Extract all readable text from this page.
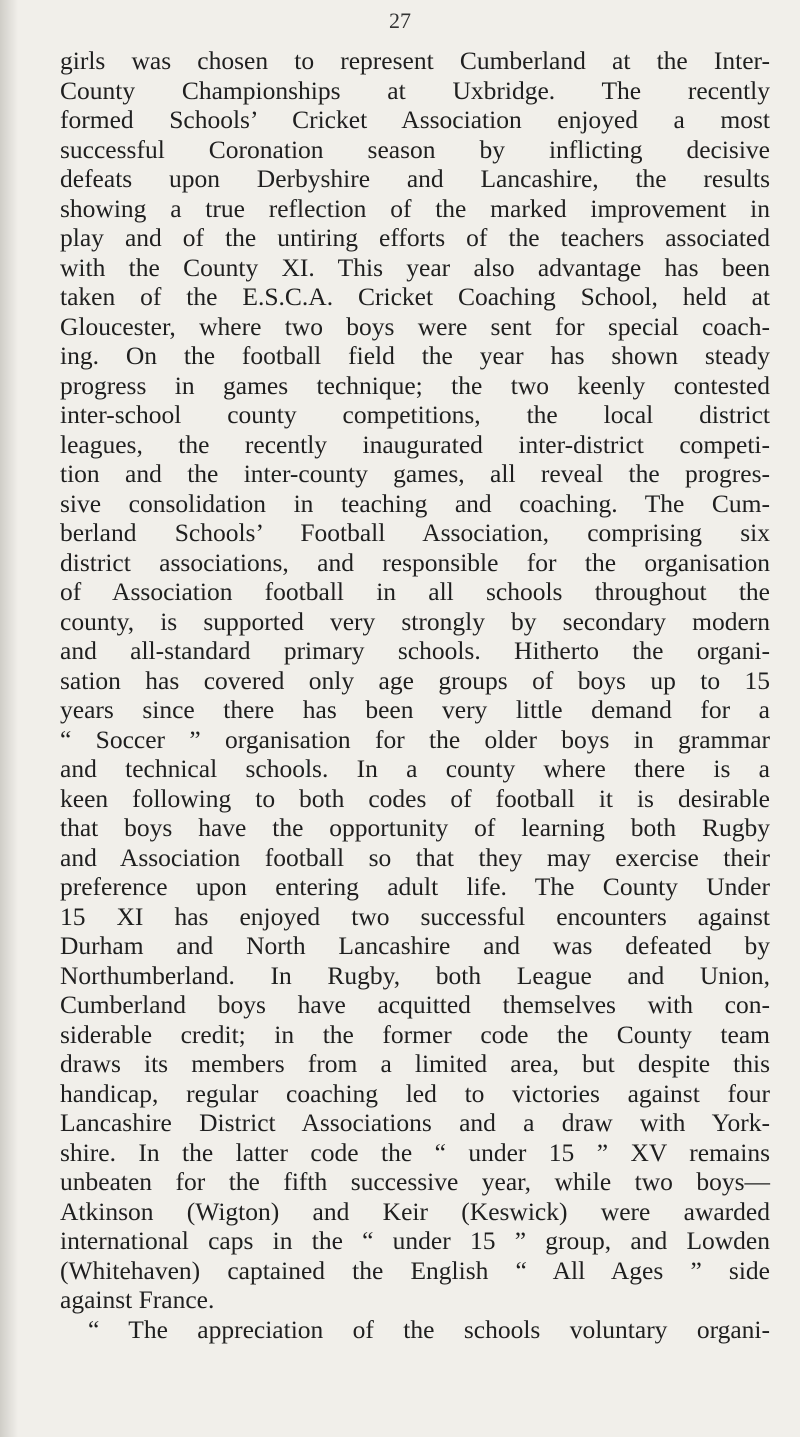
27
girls was chosen to represent Cumberland at the Inter-
County Championships at Uxbridge. The recently
formed Schools’ Cricket Association enjoyed a most
successful Coronation season by inflicting decisive
defeats upon Derbyshire and Lancashire, the results
showing a true reflection of the marked improvement in
play and of the untiring efforts of the teachers associated
with the County XI. This year also advantage has been
taken of the E.S.C.A. Cricket Coaching School, held at
Gloucester, where two boys were sent for special coach-
ing. On the football field the year has shown steady
progress in games technique; the two keenly contested
inter-school county competitions, the local district
leagues, the recently inaugurated inter-district competi-
tion and the inter-county games, all reveal the progres-
sive consolidation in teaching and coaching. The Cum-
berland Schools’ Football Association, comprising six
district associations, and responsible for the organisation
of Association football in all schools throughout the
county, is supported very strongly by secondary modern
and all-standard primary schools. Hitherto the organi-
sation has covered only age groups of boys up to 15
years since there has been very little demand for a
“ Soccer ” organisation for the older boys in grammar
and technical schools. In a county where there is a
keen following to both codes of football it is desirable
that boys have the opportunity of learning both Rugby
and Association football so that they may exercise their
preference upon entering adult life. The County Under
15 XI has enjoyed two successful encounters against
Durham and North Lancashire and was defeated by
Northumberland. In Rugby, both League and Union,
Cumberland boys have acquitted themselves with con-
siderable credit; in the former code the County team
draws its members from a limited area, but despite this
handicap, regular coaching led to victories against four
Lancashire District Associations and a draw with York-
shire. In the latter code the “ under 15 ” XV remains
unbeaten for the fifth successive year, while two boys—
Atkinson (Wigton) and Keir (Keswick) were awarded
international caps in the “ under 15 ” group, and Lowden
(Whitehaven) captained the English “ All Ages ” side
against France.
“ The appreciation of the schools voluntary organi-
